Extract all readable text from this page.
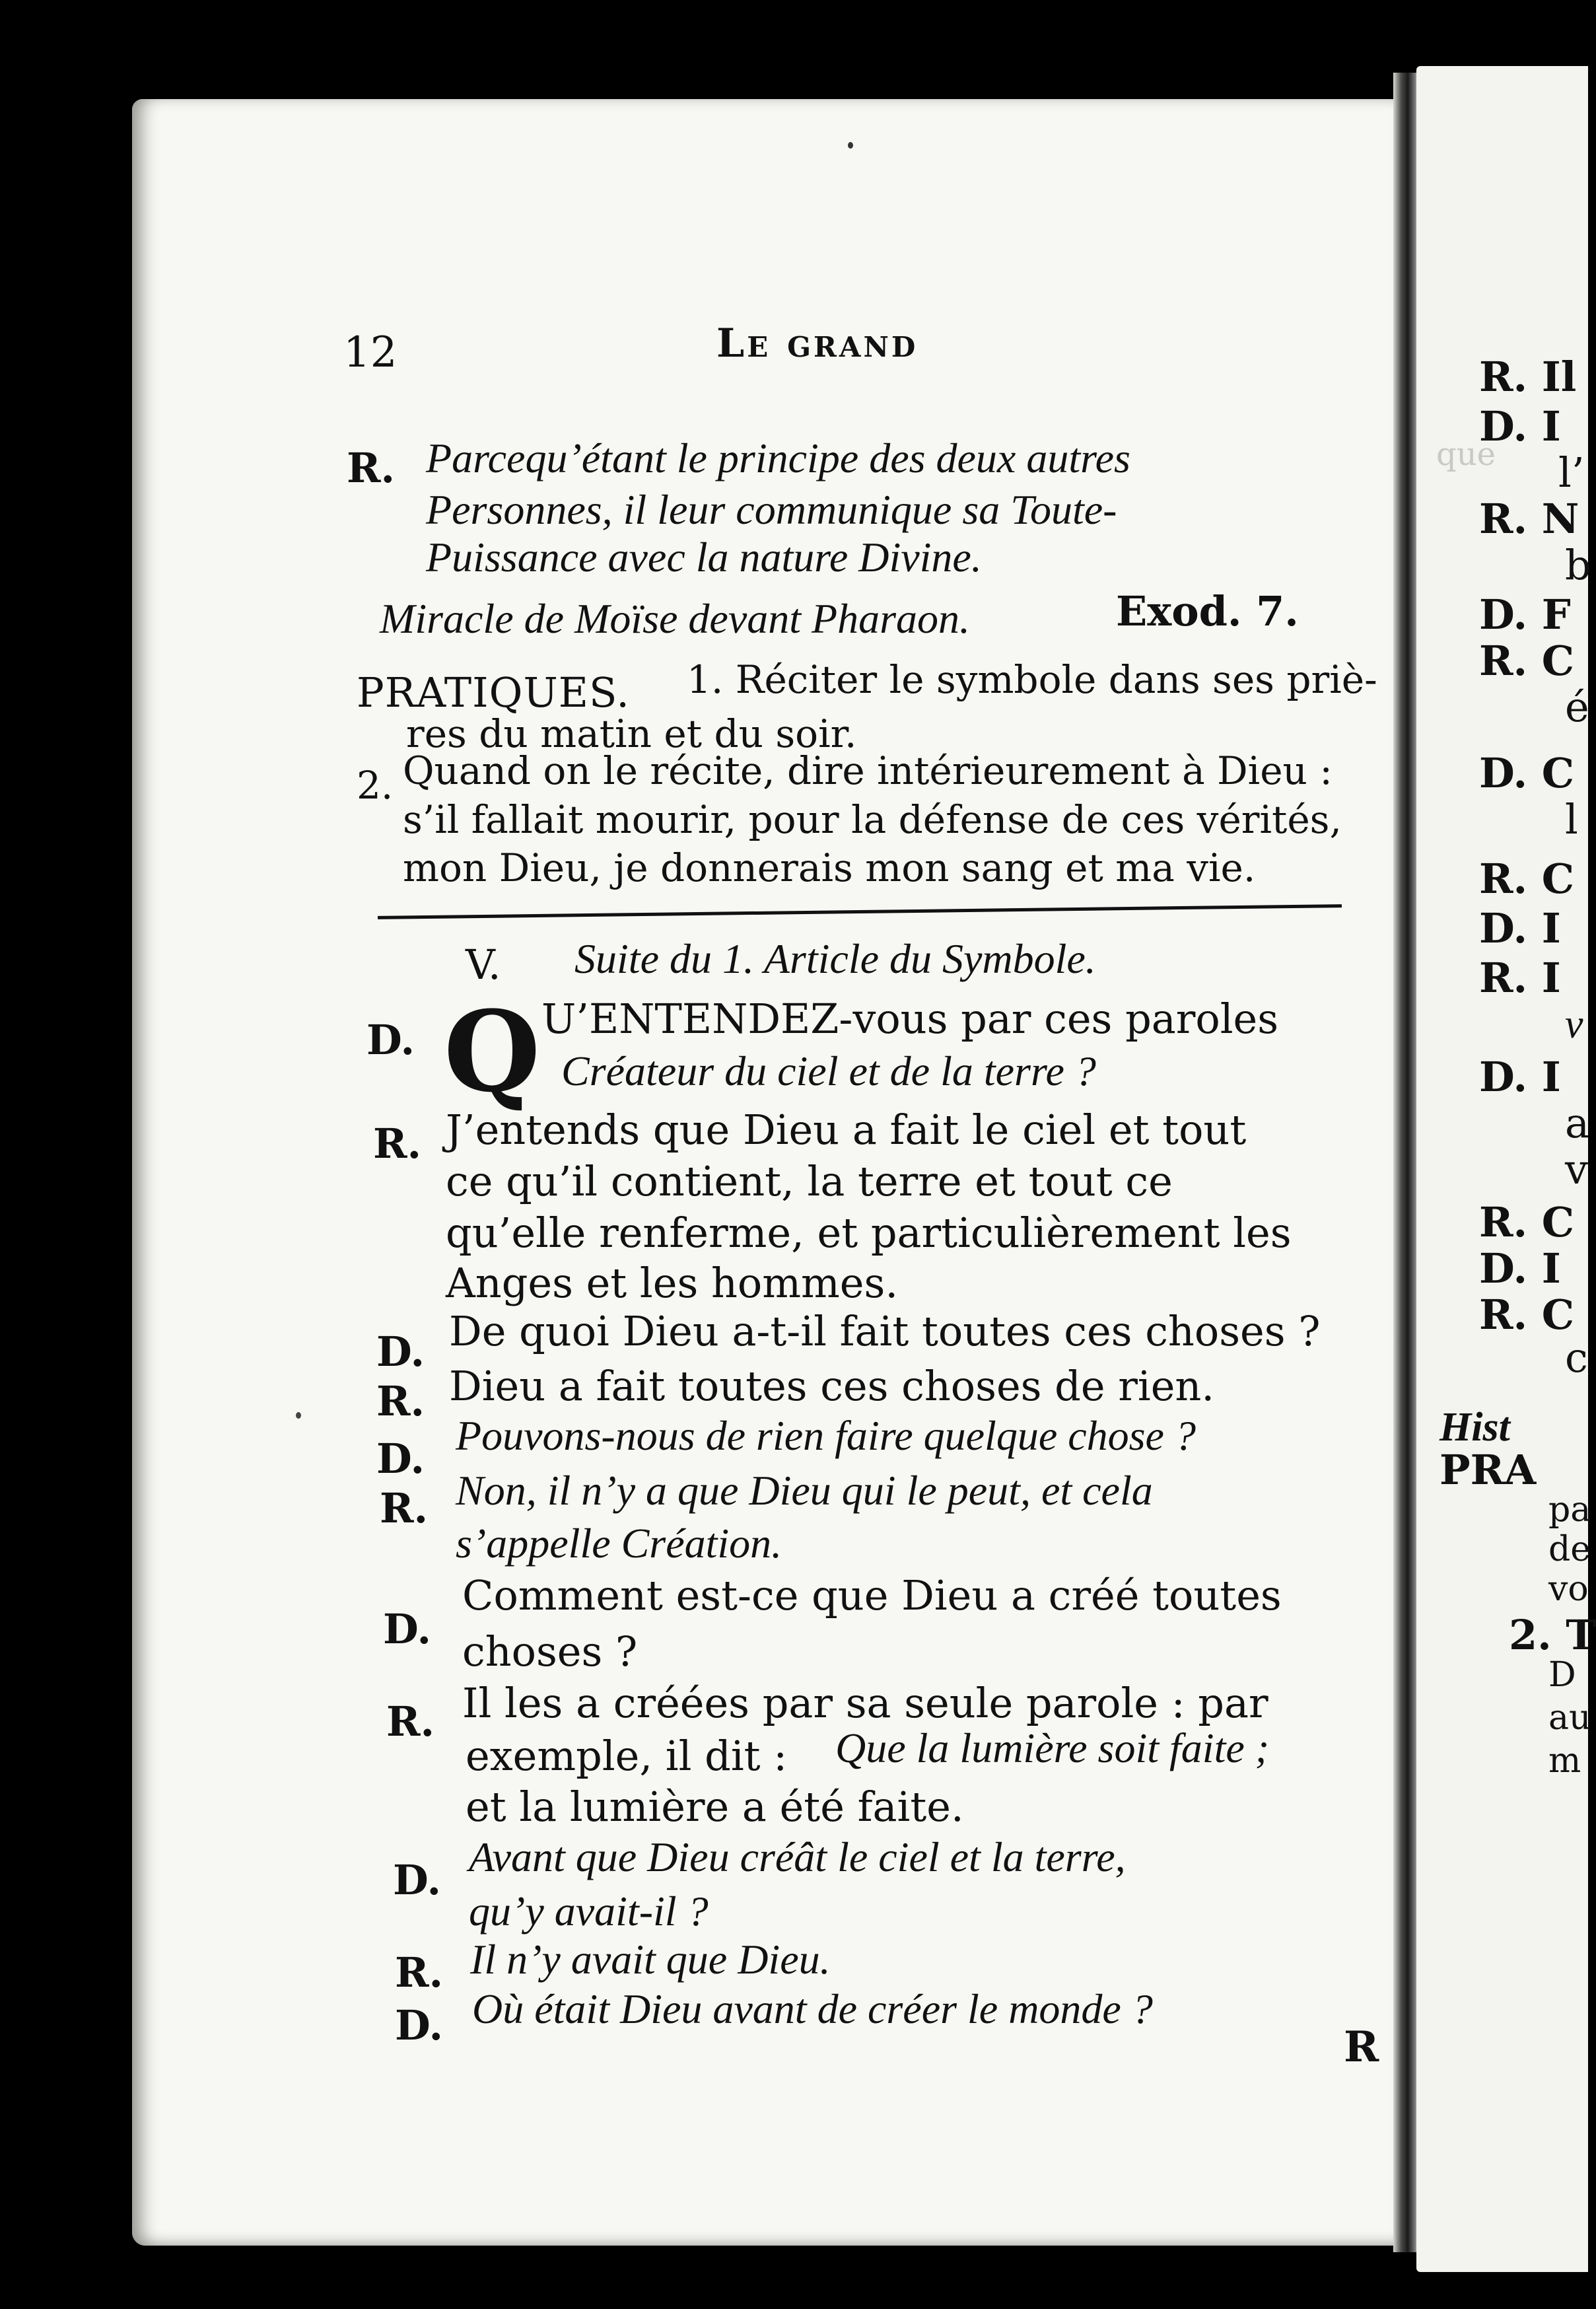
que
R. Il
D. I
l’
R. N
b
D. F
R. C
é
D. C
l
R. C
D. I
R. I
v
D. I
a
v
R. C
D. I
R. C
c
Hist
PRA
pa
de
vo
2. T
D
au
m
12	Le grand
R. Parcequ’étant le principe des deux autres
Personnes, il leur communique sa Toute-
Puissance avec la nature Divine.
Miracle de Moïse devant Pharaon.	Exod. 7.
PRATIQUES. 1. Réciter le symbole dans ses priè-
res du matin et du soir.
2. Quand on le récite, dire intérieurement à Dieu :
s’il fallait mourir, pour la défense de ces vérités,
mon Dieu, je donnerais mon sang et ma vie.
V. Suite du 1. Article du Symbole.
D. Q U’ENTENDEZ-vous par ces paroles
Créateur du ciel et de la terre ?
R. J’entends que Dieu a fait le ciel et tout
ce qu’il contient, la terre et tout ce
qu’elle renferme, et particulièrement les
Anges et les hommes.
D. De quoi Dieu a-t-il fait toutes ces choses ?
R. Dieu a fait toutes ces choses de rien.
D. Pouvons-nous de rien faire quelque chose ?
R. Non, il n’y a que Dieu qui le peut, et cela
s’appelle Création.
D.
Comment est-ce que Dieu a créé toutes
choses ?
R. Il les a créées par sa seule parole : par
exemple, il dit : Que la lumière soit faite ;
et la lumière a été faite.
D. Avant que Dieu créât le ciel et la terre,
qu’y avait-il ?
R. Il n’y avait que Dieu.
D. Où était Dieu avant de créer le monde ?
R
